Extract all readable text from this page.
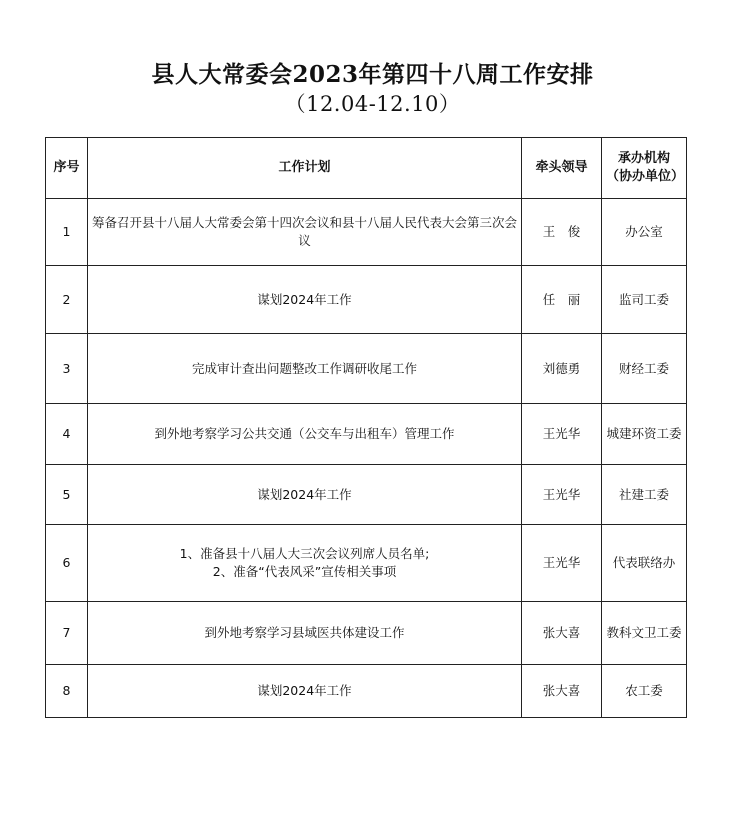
县人大常委会2023年第四十八周工作安排
（12.04-12.10）
序号	工作计划	牵头领导	承办机构（协办单位）
1	筹备召开县十八届人大常委会第十四次会议和县十八届人民代表大会第三次会议	王　俊	办公室
2	谋划2024年工作	任　丽	监司工委
3	完成审计查出问题整改工作调研收尾工作	刘德勇	财经工委
4	到外地考察学习公共交通（公交车与出租车）管理工作	王光华	城建环资工委
5	谋划2024年工作	王光华	社建工委
6	1、准备县十八届人大三次会议列席人员名单;
2、准备“代表风采”宣传相关事项	王光华	代表联络办
7	到外地考察学习县域医共体建设工作	张大喜	教科文卫工委
8	谋划2024年工作	张大喜	农工委
